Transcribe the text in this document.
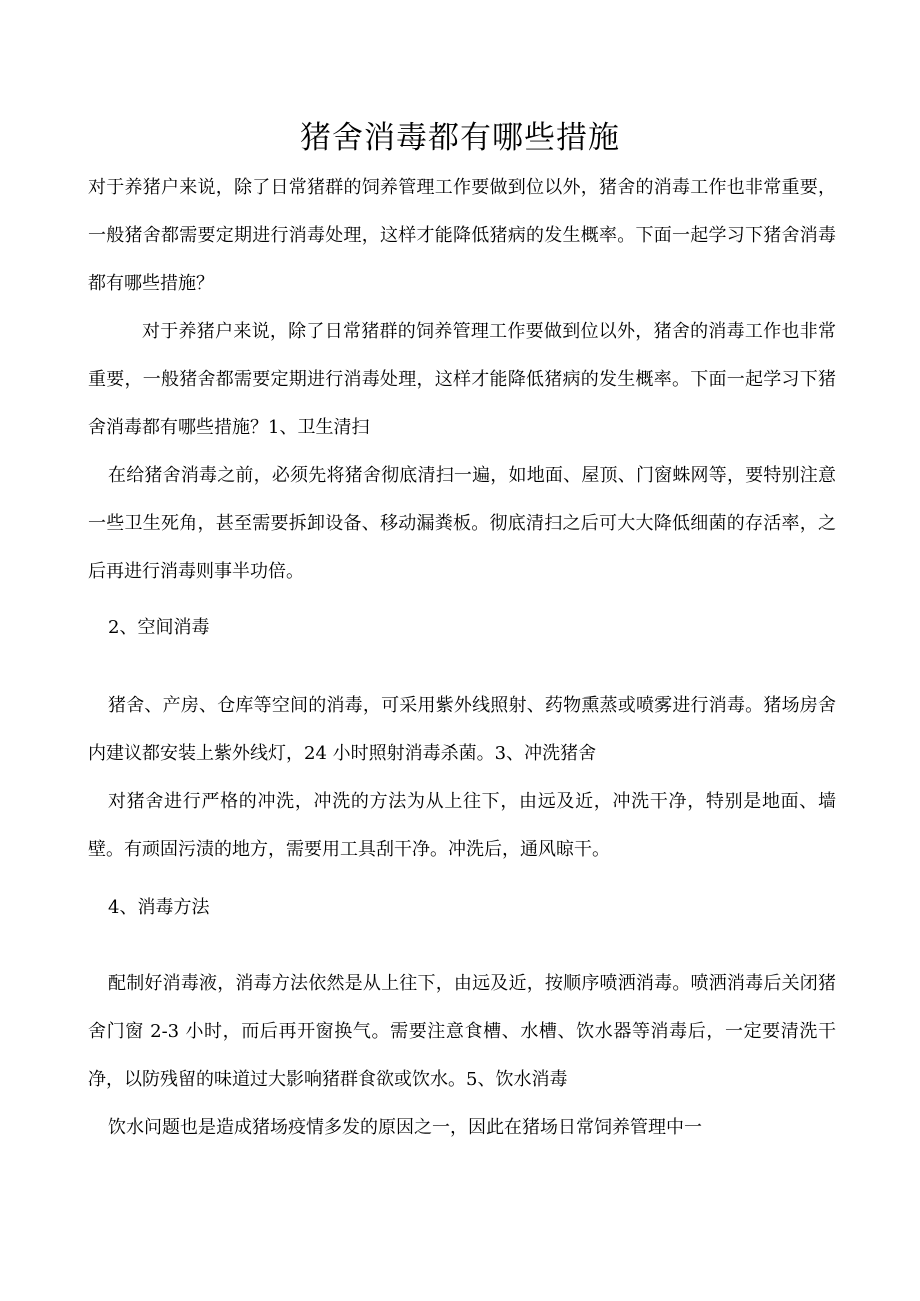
猪舍消毒都有哪些措施

对于养猪户来说，除了日常猪群的饲养管理工作要做到位以外，猪舍的消毒工作也非常重要，一般猪舍都需要定期进行消毒处理，这样才能降低猪病的发生概率。下面一起学习下猪舍消毒都有哪些措施？

对于养猪户来说，除了日常猪群的饲养管理工作要做到位以外，猪舍的消毒工作也非常重要，一般猪舍都需要定期进行消毒处理，这样才能降低猪病的发生概率。下面一起学习下猪舍消毒都有哪些措施？1、卫生清扫

在给猪舍消毒之前，必须先将猪舍彻底清扫一遍，如地面、屋顶、门窗蛛网等，要特别注意一些卫生死角，甚至需要拆卸设备、移动漏粪板。彻底清扫之后可大大降低细菌的存活率，之后再进行消毒则事半功倍。

2、空间消毒

猪舍、产房、仓库等空间的消毒，可采用紫外线照射、药物熏蒸或喷雾进行消毒。猪场房舍内建议都安装上紫外线灯，24 小时照射消毒杀菌。3、冲洗猪舍

对猪舍进行严格的冲洗，冲洗的方法为从上往下，由远及近，冲洗干净，特别是地面、墙壁。有顽固污渍的地方，需要用工具刮干净。冲洗后，通风晾干。

4、消毒方法

配制好消毒液，消毒方法依然是从上往下，由远及近，按顺序喷洒消毒。喷洒消毒后关闭猪舍门窗 2-3 小时，而后再开窗换气。需要注意食槽、水槽、饮水器等消毒后，一定要清洗干净，以防残留的味道过大影响猪群食欲或饮水。5、饮水消毒

饮水问题也是造成猪场疫情多发的原因之一，因此在猪场日常饲养管理中一
